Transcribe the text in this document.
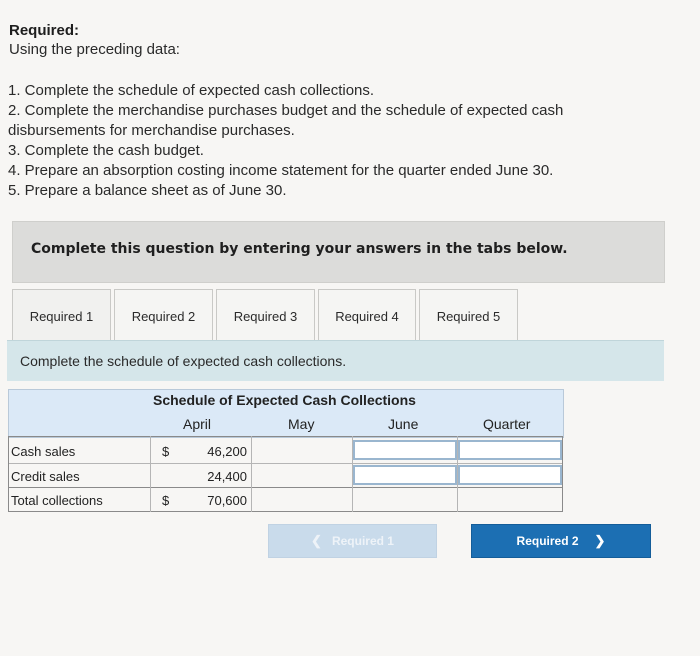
Required:
Using the preceding data:
1. Complete the schedule of expected cash collections.
2. Complete the merchandise purchases budget and the schedule of expected cash
disbursements for merchandise purchases.
3. Complete the cash budget.
4. Prepare an absorption costing income statement for the quarter ended June 30.
5. Prepare a balance sheet as of June 30.
Complete this question by entering your answers in the tabs below.
Required 1	Required 2	Required 3	Required 4	Required 5
Complete the schedule of expected cash collections.
Schedule of Expected Cash Collections
April	May	June	Quarter
Cash sales	$	46,200
Credit sales	24,400
Total collections	$	70,600
❮ Required 1	Required 2 ❯
